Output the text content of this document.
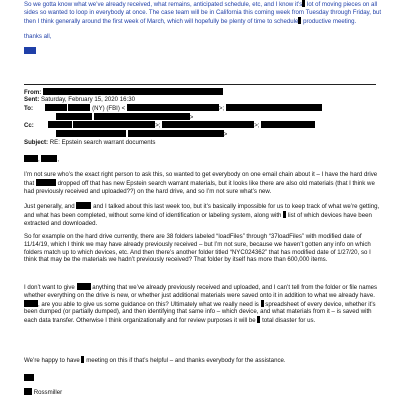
So we gotta know what we’ve already received, what remains, anticipated schedule, etc, and I know it’s lot of moving pieces on all sides so wanted to loop in everybody at once. The case team will be in California this coming week from Tuesday through Friday, but then I think generally around the first week of March, which will hopefully be plenty of time to schedule productive meeting.

thanks all,

From:
Sent: Saturday, February 15, 2020 16:30
To:	(NY) (FBI) <	>;
>
Cc:	>;	>;
>
Subject: RE: Epstein search warrant documents
,	,

I’m not sure who’s the exact right person to ask this, so wanted to get everybody on one email chain about it – I have the hard drive that	dropped off that has new Epstein search warrant materials, but it looks like there are also old materials (that I think we had previously received and uploaded??) on the hard drive, and so I’m not sure what’s new.

Just generally, and	and I talked about this last week too, but it’s basically impossible for us to keep track of what we’re getting, and what has been completed, without some kind of identification or labeling system, along with list of which devices have been extracted and downloaded.

So for example on the hard drive currently, there are 38 folders labeled “loadFiles” through “37loadFiles” with modified date of 11/14/19, which I think we may have already previously received – but I’m not sure, because we haven’t gotten any info on which folders match up to which devices, etc. And then there’s another folder titled “NYC024362” that has modified date of 1/27/20, so I think that may be the materials we hadn’t previously received? That folder by itself has more than 600,000 items.

I don’t want to give	anything that we’ve already previously received and uploaded, and I can’t tell from the folder or file names whether everything on the drive is new, or whether just additional materials were saved onto it in addition to what we already have. , are you able to give us some guidance on this? Ultimately what we really need is spreadsheet of every device, whether it’s been dumped (or partially dumped), and then identifying that same info – which device, and what materials from it – is saved with each data transfer. Otherwise I think organizationally and for review purposes it will be total disaster for us.

We’re happy to have meeting on this if that’s helpful – and thanks everybody for the assistance.

Rossmiller
